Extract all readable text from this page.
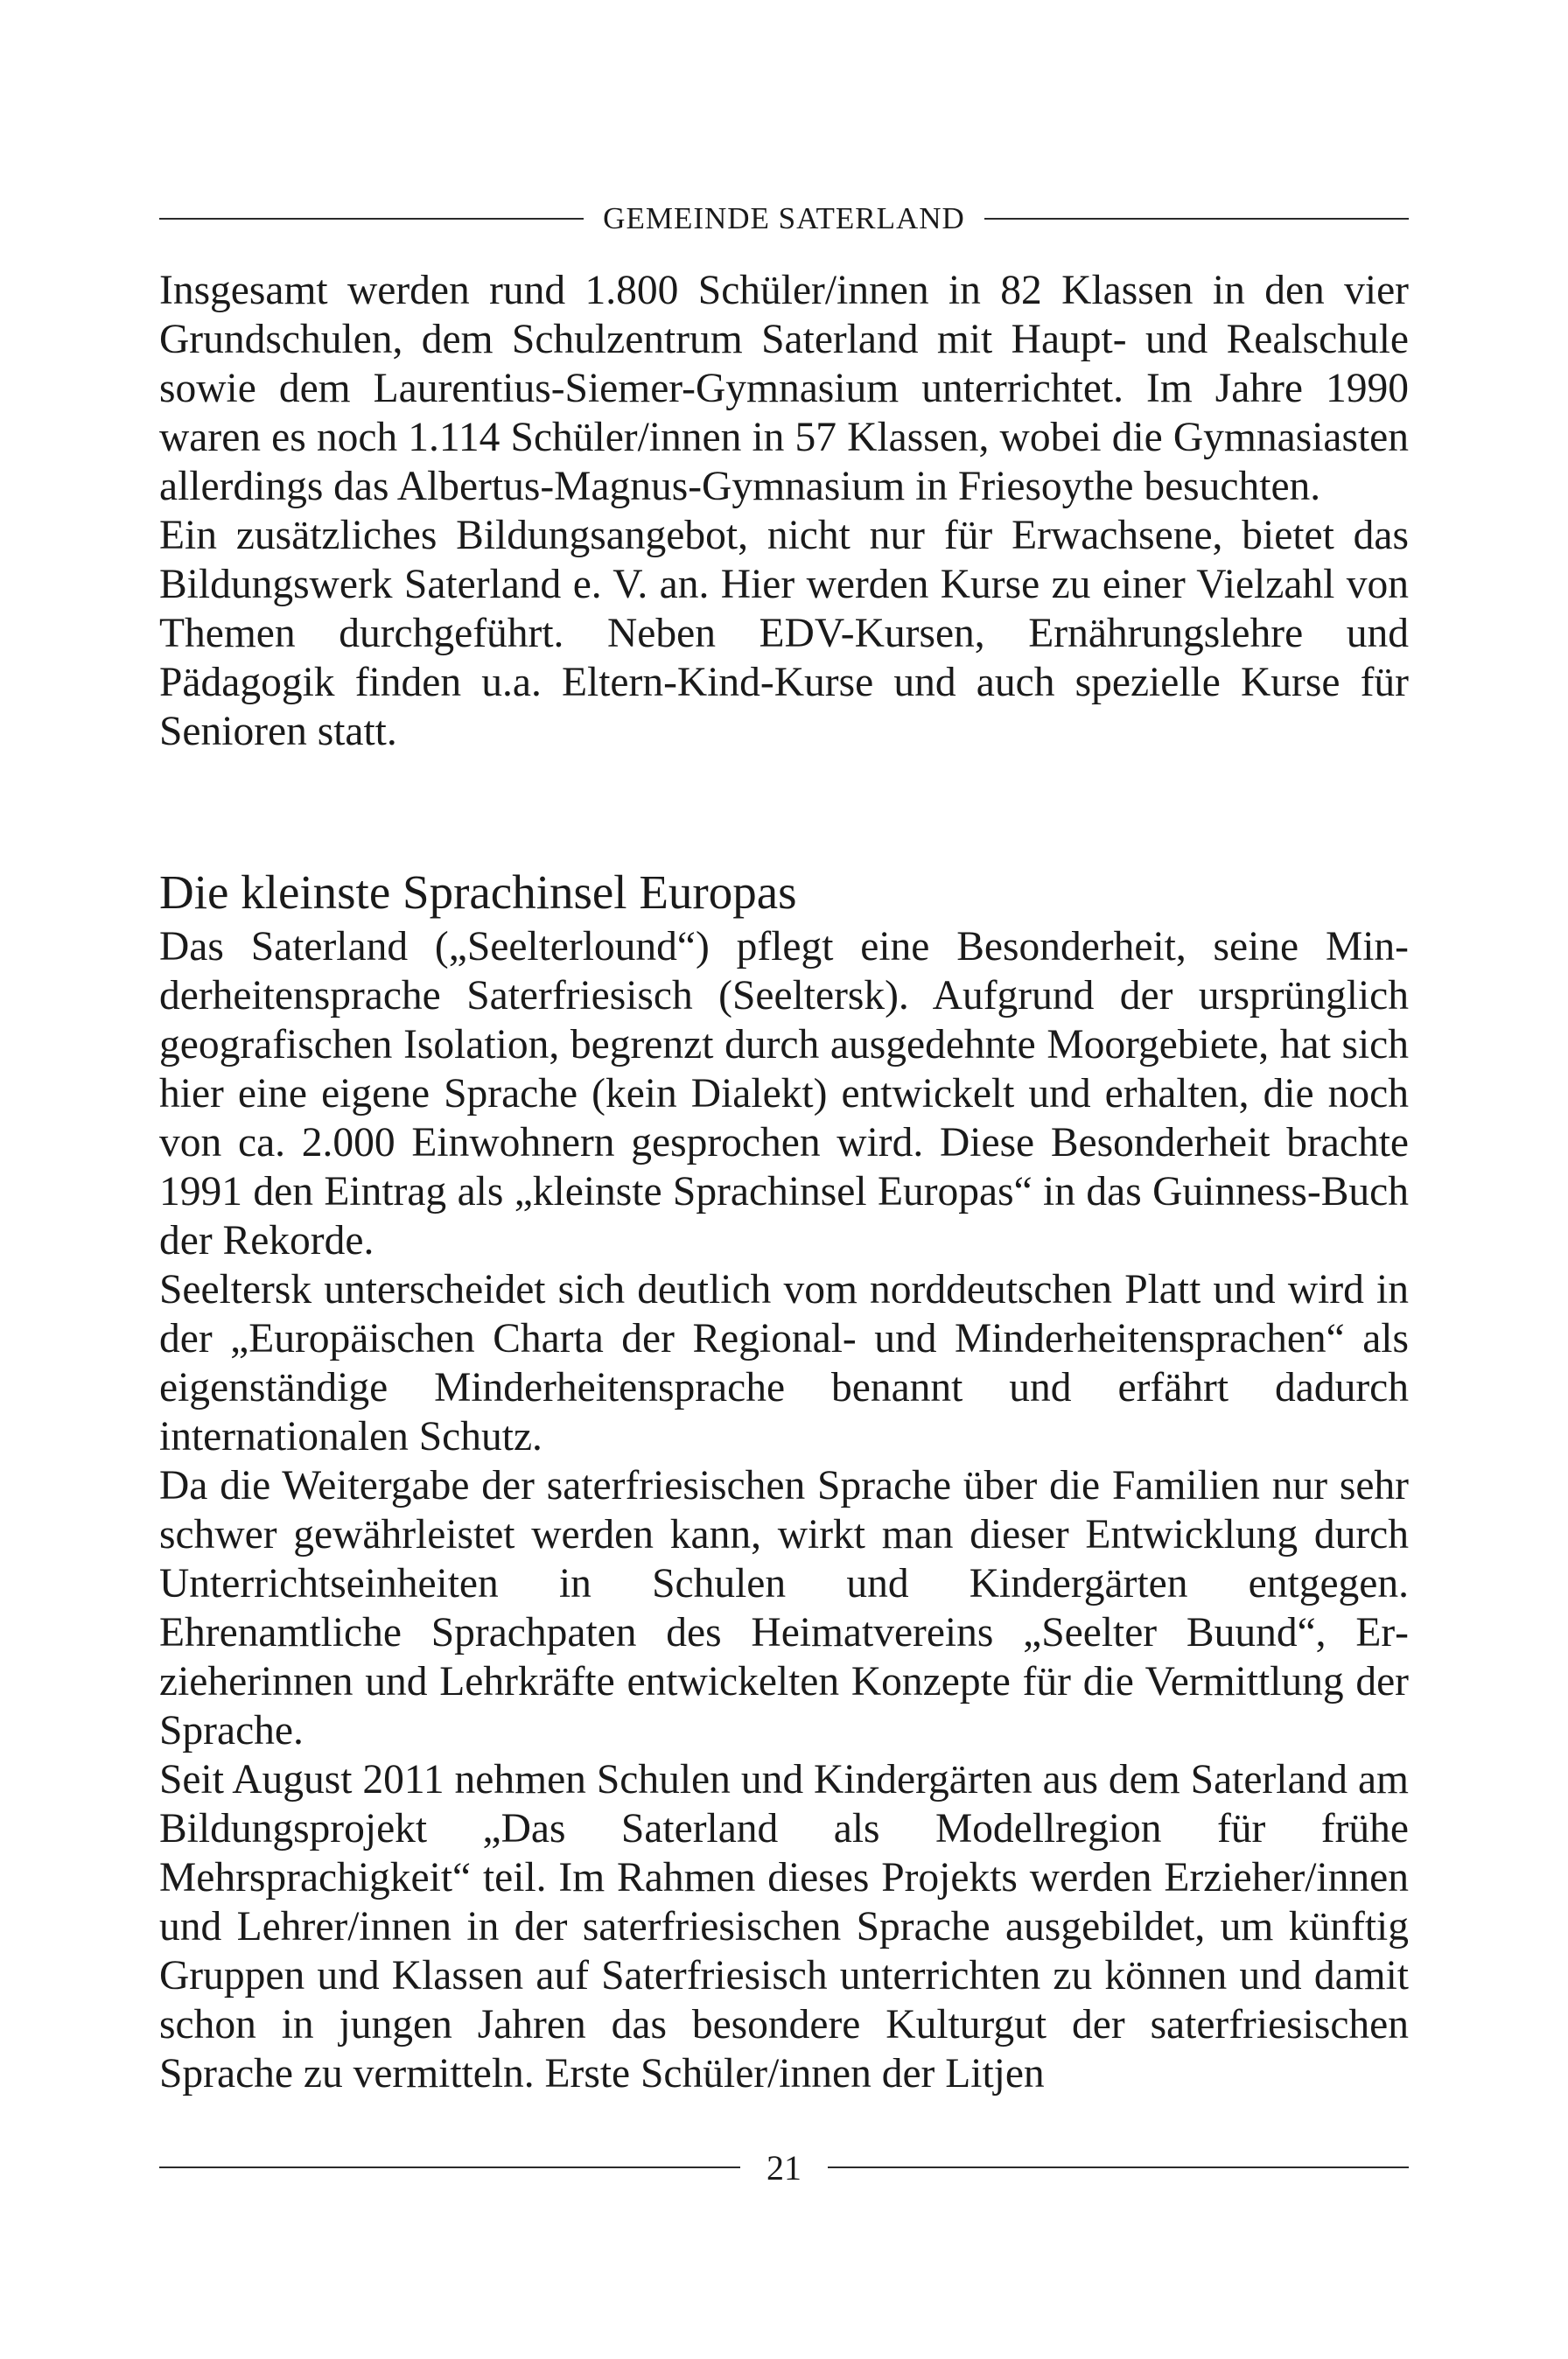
GEMEINDE SATERLAND

Insgesamt werden rund 1.800 Schüler/innen in 82 Klassen in den vier Grundschulen, dem Schulzentrum Saterland mit Haupt- und Realschule sowie dem Laurentius-Siemer-Gymnasium unterrichtet. Im Jahre 1990 waren es noch 1.114 Schüler/innen in 57 Klassen, wobei die Gymnasiasten allerdings das Albertus-Magnus-Gymnasium in Friesoythe besuchten.

Ein zusätzliches Bildungsangebot, nicht nur für Erwachsene, bietet das Bildungswerk Saterland e. V. an. Hier werden Kurse zu einer Vielzahl von Themen durchgeführt. Neben EDV-Kursen, Ernährungslehre und Pädagogik finden u.a. Eltern-Kind-Kurse und auch spezielle Kurse für Senioren statt.

Die kleinste Sprachinsel Europas

Das Saterland („Seelterlound“) pflegt eine Besonderheit, seine Minderheitensprache Saterfriesisch (Seeltersk). Aufgrund der ursprünglich geografischen Isolation, begrenzt durch ausgedehnte Moorgebiete, hat sich hier eine eigene Sprache (kein Dialekt) entwickelt und erhalten, die noch von ca. 2.000 Einwohnern gesprochen wird. Diese Besonderheit brachte 1991 den Eintrag als „kleinste Sprachinsel Europas“ in das Guinness-Buch der Rekorde.

Seeltersk unterscheidet sich deutlich vom norddeutschen Platt und wird in der „Europäischen Charta der Regional- und Minderheitensprachen“ als eigenständige Minderheitensprache benannt und erfährt dadurch internationalen Schutz.

Da die Weitergabe der saterfriesischen Sprache über die Familien nur sehr schwer gewährleistet werden kann, wirkt man dieser Entwicklung durch Unterrichtseinheiten in Schulen und Kindergärten entgegen. Ehrenamtliche Sprachpaten des Heimatvereins „Seelter Buund“, Erzieherinnen und Lehrkräfte entwickelten Konzepte für die Vermittlung der Sprache.

Seit August 2011 nehmen Schulen und Kindergärten aus dem Saterland am Bildungsprojekt „Das Saterland als Modellregion für frühe Mehrsprachigkeit“ teil. Im Rahmen dieses Projekts werden Erzieher/​innen und Lehrer/innen in der saterfriesischen Sprache ausgebildet, um künftig Gruppen und Klassen auf Saterfriesisch unterrichten zu können und damit schon in jungen Jahren das besondere Kulturgut der saterfriesischen Sprache zu vermitteln. Erste Schüler/innen der Litjen

21
